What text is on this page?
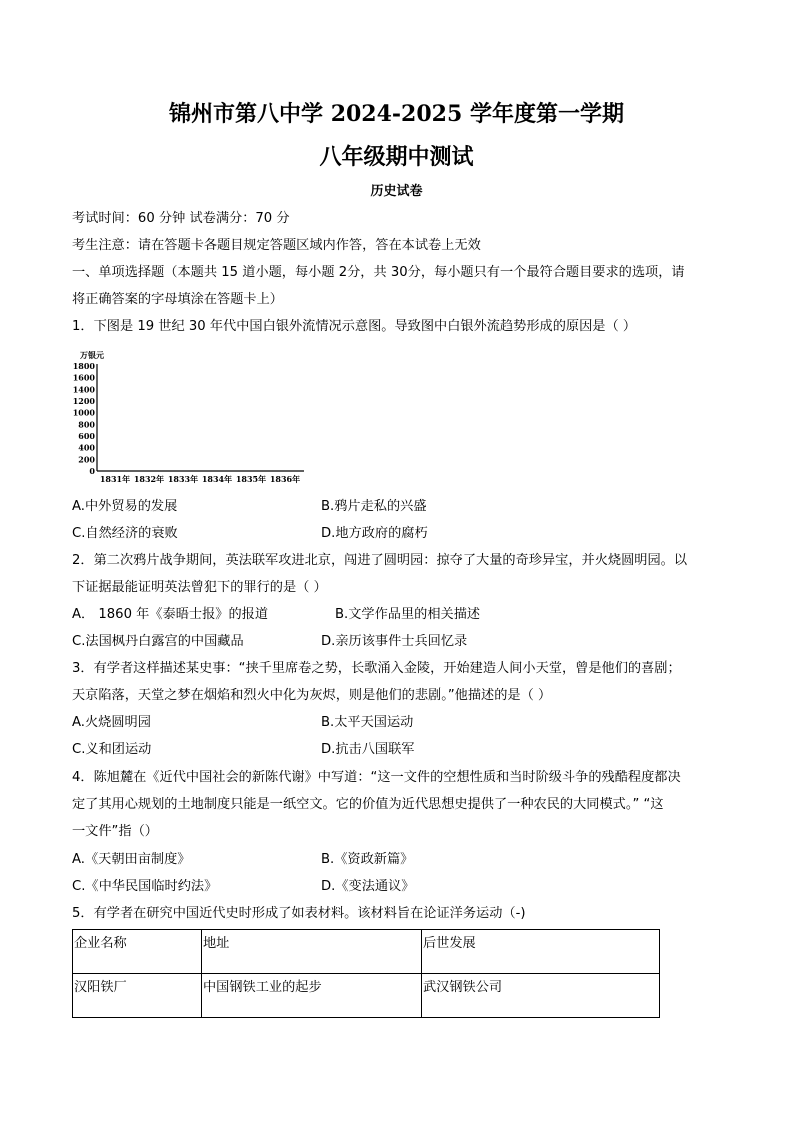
锦州市第八中学 2024-2025 学年度第一学期
八年级期中测试
历史试卷
考试时间：60 分钟 试卷满分：70 分
考生注意：请在答题卡各题目规定答题区域内作答，答在本试卷上无效
一、单项选择题（本题共 15 道小题，每小题 2分，共 30分，每小题只有一个最符合题目要求的选项，请
将正确答案的字母填涂在答题卡上）
1．下图是 19 世纪 30 年代中国白银外流情况示意图。导致图中白银外流趋势形成的原因是（ ）
万银元
1800
1600
1400
1200
1000
800
600
400
200
0
1831年 1832年 1833年 1834年 1835年 1836年
A.中外贸易的发展	B.鸦片走私的兴盛
C.自然经济的衰败	D.地方政府的腐朽
2．第二次鸦片战争期间，英法联军攻进北京，闯进了圆明园：掠夺了大量的奇珍异宝，并火烧圆明园。以
下证据最能证明英法曾犯下的罪行的是（ ）
A． 1860 年《泰晤士报》的报道	B.文学作品里的相关描述
C.法国枫丹白露宫的中国藏品	D.亲历该事件士兵回忆录
3．有学者这样描述某史事：“挟千里席卷之势，长歌涌入金陵，开始建造人间小天堂，曾是他们的喜剧；
天京陷落，天堂之梦在烟焰和烈火中化为灰烬，则是他们的悲剧。”他描述的是（ ）
A.火烧圆明园	B.太平天国运动
C.义和团运动	D.抗击八国联军
4．陈旭麓在《近代中国社会的新陈代谢》中写道：“这一文件的空想性质和当时阶级斗争的残酷程度都决
定了其用心规划的土地制度只能是一纸空文。它的价值为近代思想史提供了一种农民的大同模式。” “这
一文件”指（）
A.《天朝田亩制度》	B.《资政新篇》
C.《中华民国临时约法》	D.《变法通议》
5．有学者在研究中国近代史时形成了如表材料。该材料旨在论证洋务运动（-)
企业名称	地址	后世发展
汉阳铁厂	中国钢铁工业的起步	武汉钢铁公司
